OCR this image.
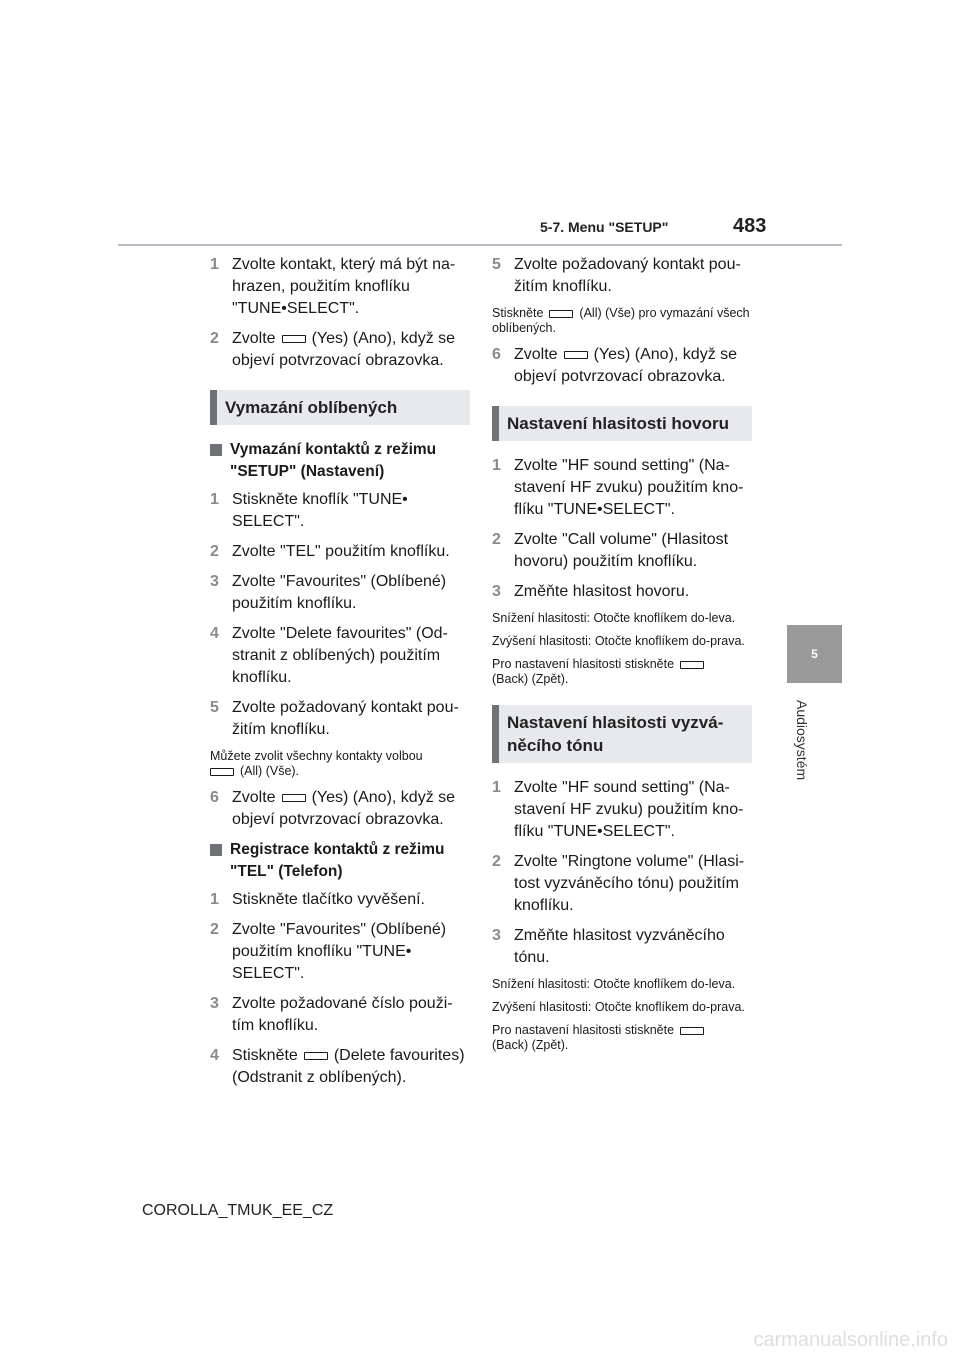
5-7. Menu "SETUP"	483
5
Audiosystém
1 Zvolte kontakt, který má být na-hrazen, použitím knoflíku "TUNE•SELECT".
2 Zvolte (Yes) (Ano), když se objeví potvrzovací obrazovka.
Vymazání oblíbených
Vymazání kontaktů z režimu "SETUP" (Nastavení)
1 Stiskněte knoflík "TUNE• SELECT".
2 Zvolte "TEL" použitím knoflíku.
3 Zvolte "Favourites" (Oblíbené) použitím knoflíku.
4 Zvolte "Delete favourites" (Od-stranit z oblíbených) použitím knoflíku.
5 Zvolte požadovaný kontakt pou-žitím knoflíku.
Můžete zvolit všechny kontakty volbou
(All) (Vše).
6 Zvolte (Yes) (Ano), když se objeví potvrzovací obrazovka.
Registrace kontaktů z režimu "TEL" (Telefon)
1 Stiskněte tlačítko vyvěšení.
2 Zvolte "Favourites" (Oblíbené) použitím knoflíku "TUNE• SELECT".
3 Zvolte požadované číslo použi-tím knoflíku.
4 Stiskněte (Delete favourites) (Odstranit z oblíbených).
5 Zvolte požadovaný kontakt pou-žitím knoflíku.
Stiskněte	(All) (Vše) pro vymazání všech oblíbených.
6 Zvolte (Yes) (Ano), když se objeví potvrzovací obrazovka.
Nastavení hlasitosti hovoru
1 Zvolte "HF sound setting" (Na-stavení HF zvuku) použitím kno-flíku "TUNE•SELECT".
2 Zvolte "Call volume" (Hlasitost hovoru) použitím knoflíku.
3 Změňte hlasitost hovoru.
Snížení hlasitosti: Otočte knoflíkem do-leva.
Zvýšení hlasitosti: Otočte knoflíkem do-prava.
Pro nastavení hlasitosti stiskněte
(Back) (Zpět).
Nastavení hlasitosti vyzvá-něcího tónu
1 Zvolte "HF sound setting" (Na-stavení HF zvuku) použitím kno-flíku "TUNE•SELECT".
2 Zvolte "Ringtone volume" (Hlasi-tost vyzváněcího tónu) použitím knoflíku.
3 Změňte hlasitost vyzváněcího tónu.
Snížení hlasitosti: Otočte knoflíkem do-leva.
Zvýšení hlasitosti: Otočte knoflíkem do-prava.
Pro nastavení hlasitosti stiskněte
(Back) (Zpět).
COROLLA_TMUK_EE_CZ
carmanualsonline.info
